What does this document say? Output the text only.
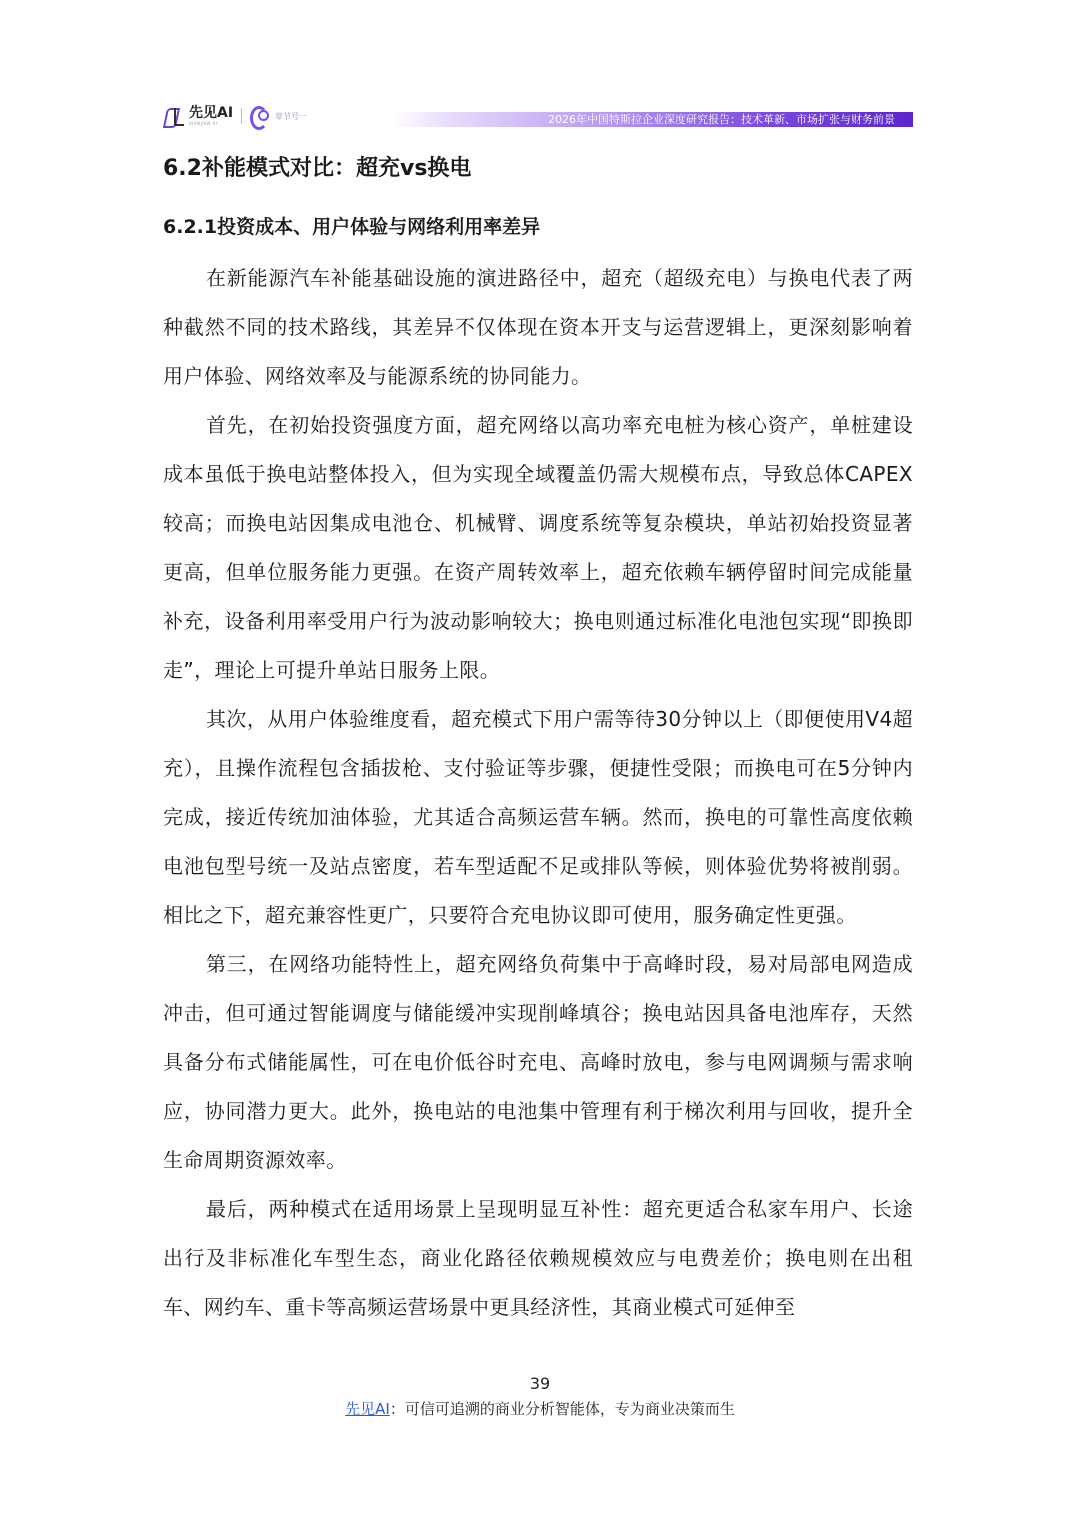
先见AI
XIANJIAN AI
章节号一	2026年中国特斯拉企业深度研究报告：技术革新、市场扩张与财务前景
6.2补能模式对比：超充vs换电
6.2.1投资成本、用户体验与网络利用率差异

在新能源汽车补能基础设施的演进路径中，超充（超级充电）与换电代表了两种截然不同的技术路线，其差异不仅体现在资本开支与运营逻辑上，更深刻影响着用户体验、网络效率及与能源系统的协同能力。

首先，在初始投资强度方面，超充网络以高功率充电桩为核心资产，单桩建设成本虽低于换电站整体投入，但为实现全域覆盖仍需大规模布点，导致总体CAPEX较高；而换电站因集成电池仓、机械臂、调度系统等复杂模块，单站初始投资显著更高，但单位服务能力更强。在资产周转效率上，超充依赖车辆停留时间完成能量补充，设备利用率受用户行为波动影响较大；换电则通过标准化电池包实现“即换即走”，理论上可提升单站日服务上限。

其次，从用户体验维度看，超充模式下用户需等待30分钟以上（即便使用V4超充），且操作流程包含插拔枪、支付验证等步骤，便捷性受限；而换电可在5分钟内完成，接近传统加油体验，尤其适合高频运营车辆。然而，换电的可靠性高度依赖电池包型号统一及站点密度，若车型适配不足或排队等候，则体验优势将被削弱。相比之下，超充兼容性更广，只要符合充电协议即可使用，服务确定性更强。

第三，在网络功能特性上，超充网络负荷集中于高峰时段，易对局部电网造成冲击，但可通过智能调度与储能缓冲实现削峰填谷；换电站因具备电池库存，天然具备分布式储能属性，可在电价低谷时充电、高峰时放电，参与电网调频与需求响应，协同潜力更大。此外，换电站的电池集中管理有利于梯次利用与回收，提升全生命周期资源效率。

最后，两种模式在适用场景上呈现明显互补性：超充更适合私家车用户、长途出行及非标准化车型生态，商业化路径依赖规模效应与电费差价；换电则在出租车、网约车、重卡等高频运营场景中更具经济性，其商业模式可延伸至

39
先见AI：可信可追溯的商业分析智能体，专为商业决策而生
